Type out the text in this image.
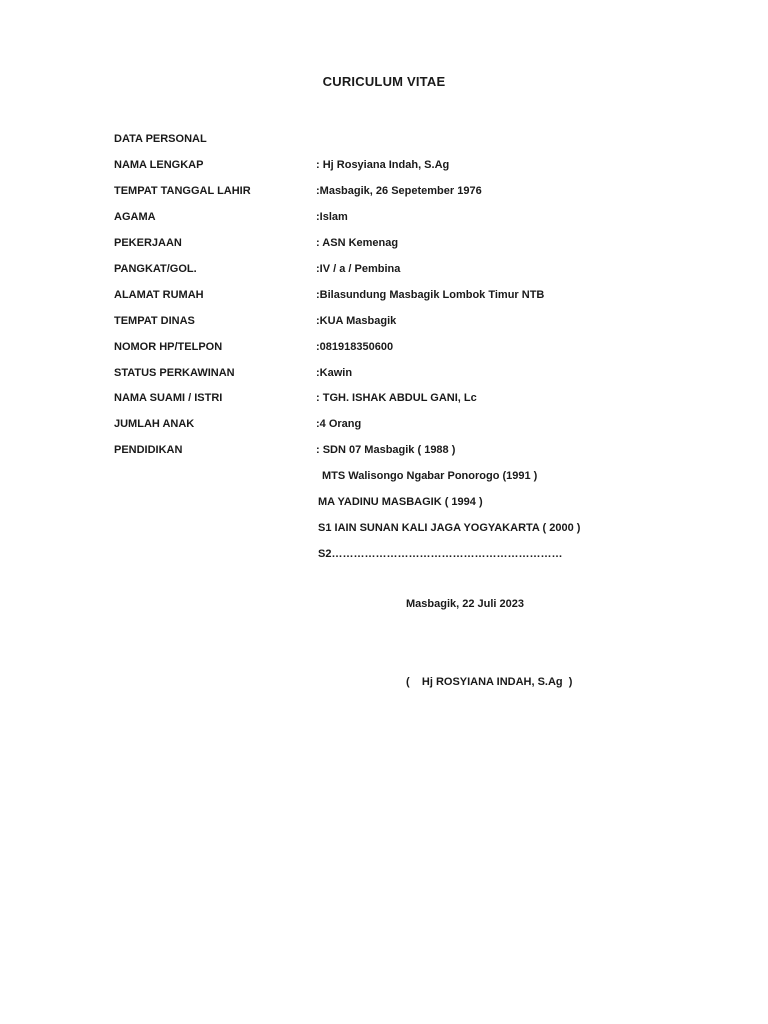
CURICULUM VITAE
DATA PERSONAL
NAMA LENGKAP	: Hj Rosyiana Indah, S.Ag
TEMPAT TANGGAL LAHIR	:Masbagik, 26 Sepetember 1976
AGAMA	:Islam
PEKERJAAN	: ASN Kemenag
PANGKAT/GOL.	:IV / a / Pembina
ALAMAT RUMAH	:Bilasundung Masbagik Lombok Timur NTB
TEMPAT DINAS	:KUA Masbagik
NOMOR HP/TELPON	:081918350600
STATUS PERKAWINAN	:Kawin
NAMA SUAMI / ISTRI	: TGH. ISHAK ABDUL GANI, Lc
JUMLAH ANAK	:4 Orang
PENDIDIKAN	: SDN 07 Masbagik ( 1988 )
MTS Walisongo Ngabar Ponorogo (1991 )
MA YADINU MASBAGIK ( 1994 )
S1 IAIN SUNAN KALI JAGA YOGYAKARTA ( 2000 )
S2………………………………………………………
Masbagik, 22 Juli 2023
(    Hj ROSYIANA INDAH, S.Ag  )
